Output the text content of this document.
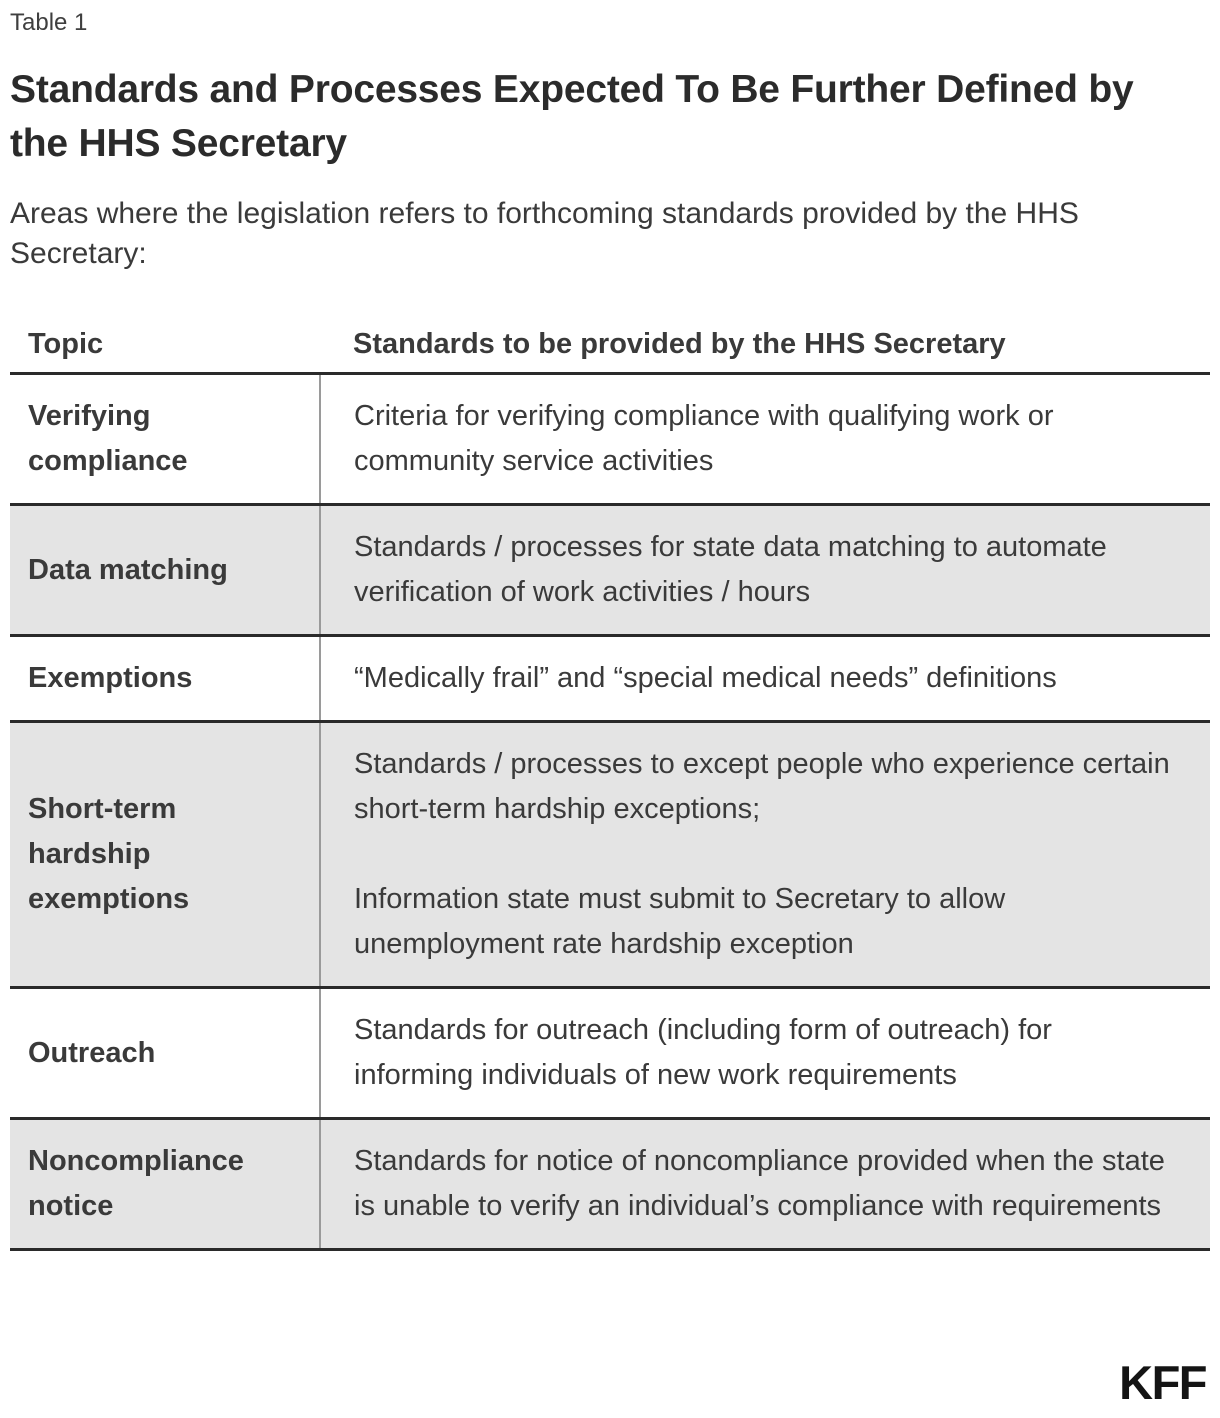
Table 1
Standards and Processes Expected To Be Further Defined by the HHS Secretary
Areas where the legislation refers to forthcoming standards provided by the HHS Secretary:
Topic	Standards to be provided by the HHS Secretary
Verifying compliance	Criteria for verifying compliance with qualifying work or community service activities

Data matching	Standards / processes for state data matching to automate verification of work activities / hours

Exemptions	“Medically frail” and “special medical needs” definitions

Short-term hardship exemptions	Standards / processes to except people who experience certain short-term hardship exceptions;

Information state must submit to Secretary to allow unemployment rate hardship exception

Outreach	Standards for outreach (including form of outreach) for informing individuals of new work requirements

Noncompliance notice	Standards for notice of noncompliance provided when the state is unable to verify an individual’s compliance with requirements

KFF
